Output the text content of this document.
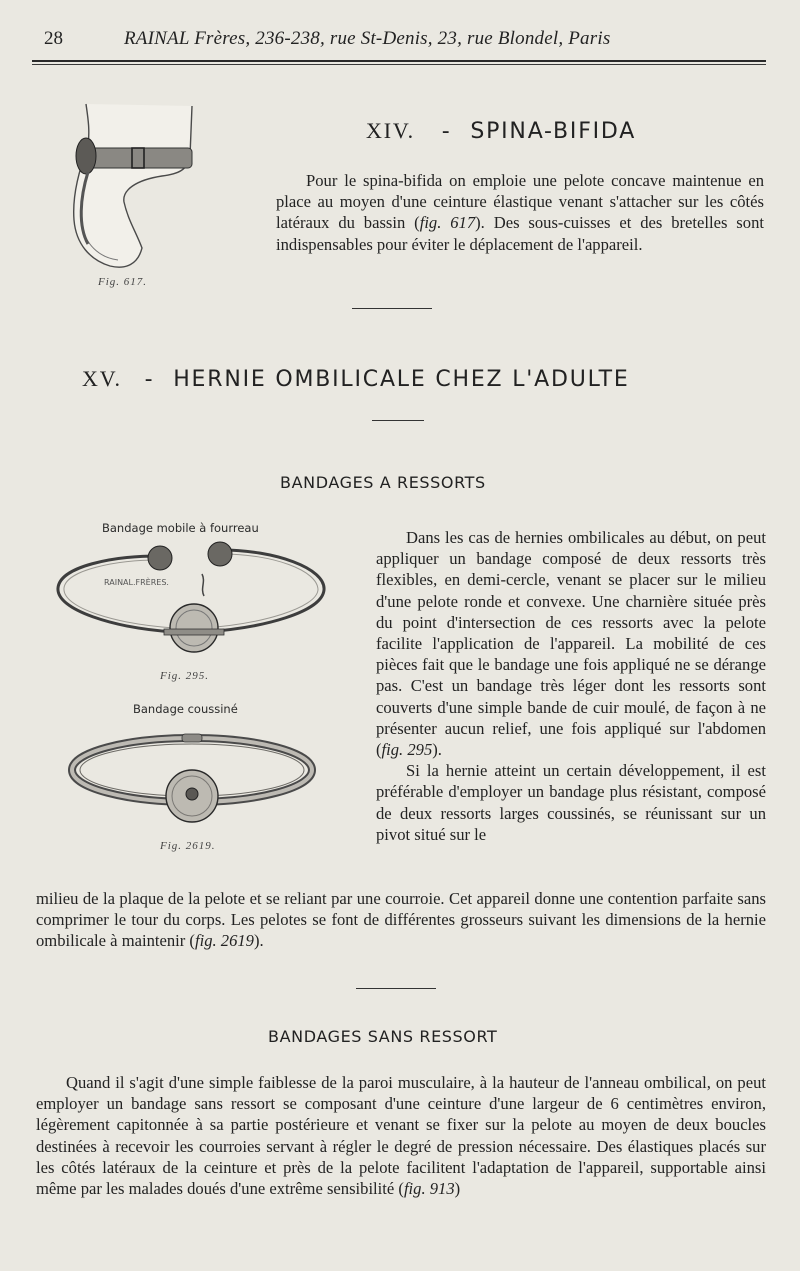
28	RAINAL Frères, 236-238, rue St-Denis, 23, rue Blondel, Paris
Fig. 617.
XIV. - SPINA-BIFIDA

Pour le spina-bifida on emploie une pelote concave maintenue en place au moyen d'une ceinture élastique venant s'attacher sur les côtés latéraux du bassin (fig. 617). Des sous-cuisses et des bretelles sont indispensables pour éviter le déplacement de l'appareil.

XV. - HERNIE OMBILICALE CHEZ L'ADULTE
BANDAGES A RESSORTS
Bandage mobile à fourreau
RAINAL.FRÈRES.
Fig. 295.
Bandage coussiné
Fig. 2619.

Dans les cas de hernies ombilicales au début, on peut appliquer un bandage composé de deux ressorts très flexibles, en demi-cercle, venant se placer sur le milieu d'une pelote ronde et convexe. Une charnière située près du point d'intersection de ces ressorts avec la pelote facilite l'application de l'appareil. La mobilité de ces pièces fait que le bandage une fois appliqué ne se dérange pas. C'est un bandage très léger dont les ressorts sont couverts d'une simple bande de cuir moulé, de façon à ne présenter aucun relief, une fois appliqué sur l'abdomen (fig. 295).

Si la hernie atteint un certain développement, il est préférable d'employer un bandage plus résistant, composé de deux ressorts larges coussinés, se réunissant sur un pivot situé sur le

milieu de la plaque de la pelote et se reliant par une courroie. Cet appareil donne une contention parfaite sans comprimer le tour du corps. Les pelotes se font de différentes grosseurs suivant les dimensions de la hernie ombilicale à maintenir (fig. 2619).

BANDAGES SANS RESSORT

Quand il s'agit d'une simple faiblesse de la paroi musculaire, à la hauteur de l'anneau ombilical, on peut employer un bandage sans ressort se composant d'une ceinture d'une largeur de 6 centimètres environ, légèrement capitonnée à sa partie postérieure et venant se fixer sur la pelote au moyen de deux boucles destinées à recevoir les courroies servant à régler le degré de pression nécessaire. Des élastiques placés sur les côtés latéraux de la ceinture et près de la pelote facilitent l'adaptation de l'appareil, supportable ainsi même par les malades doués d'une extrême sensibilité (fig. 913)
